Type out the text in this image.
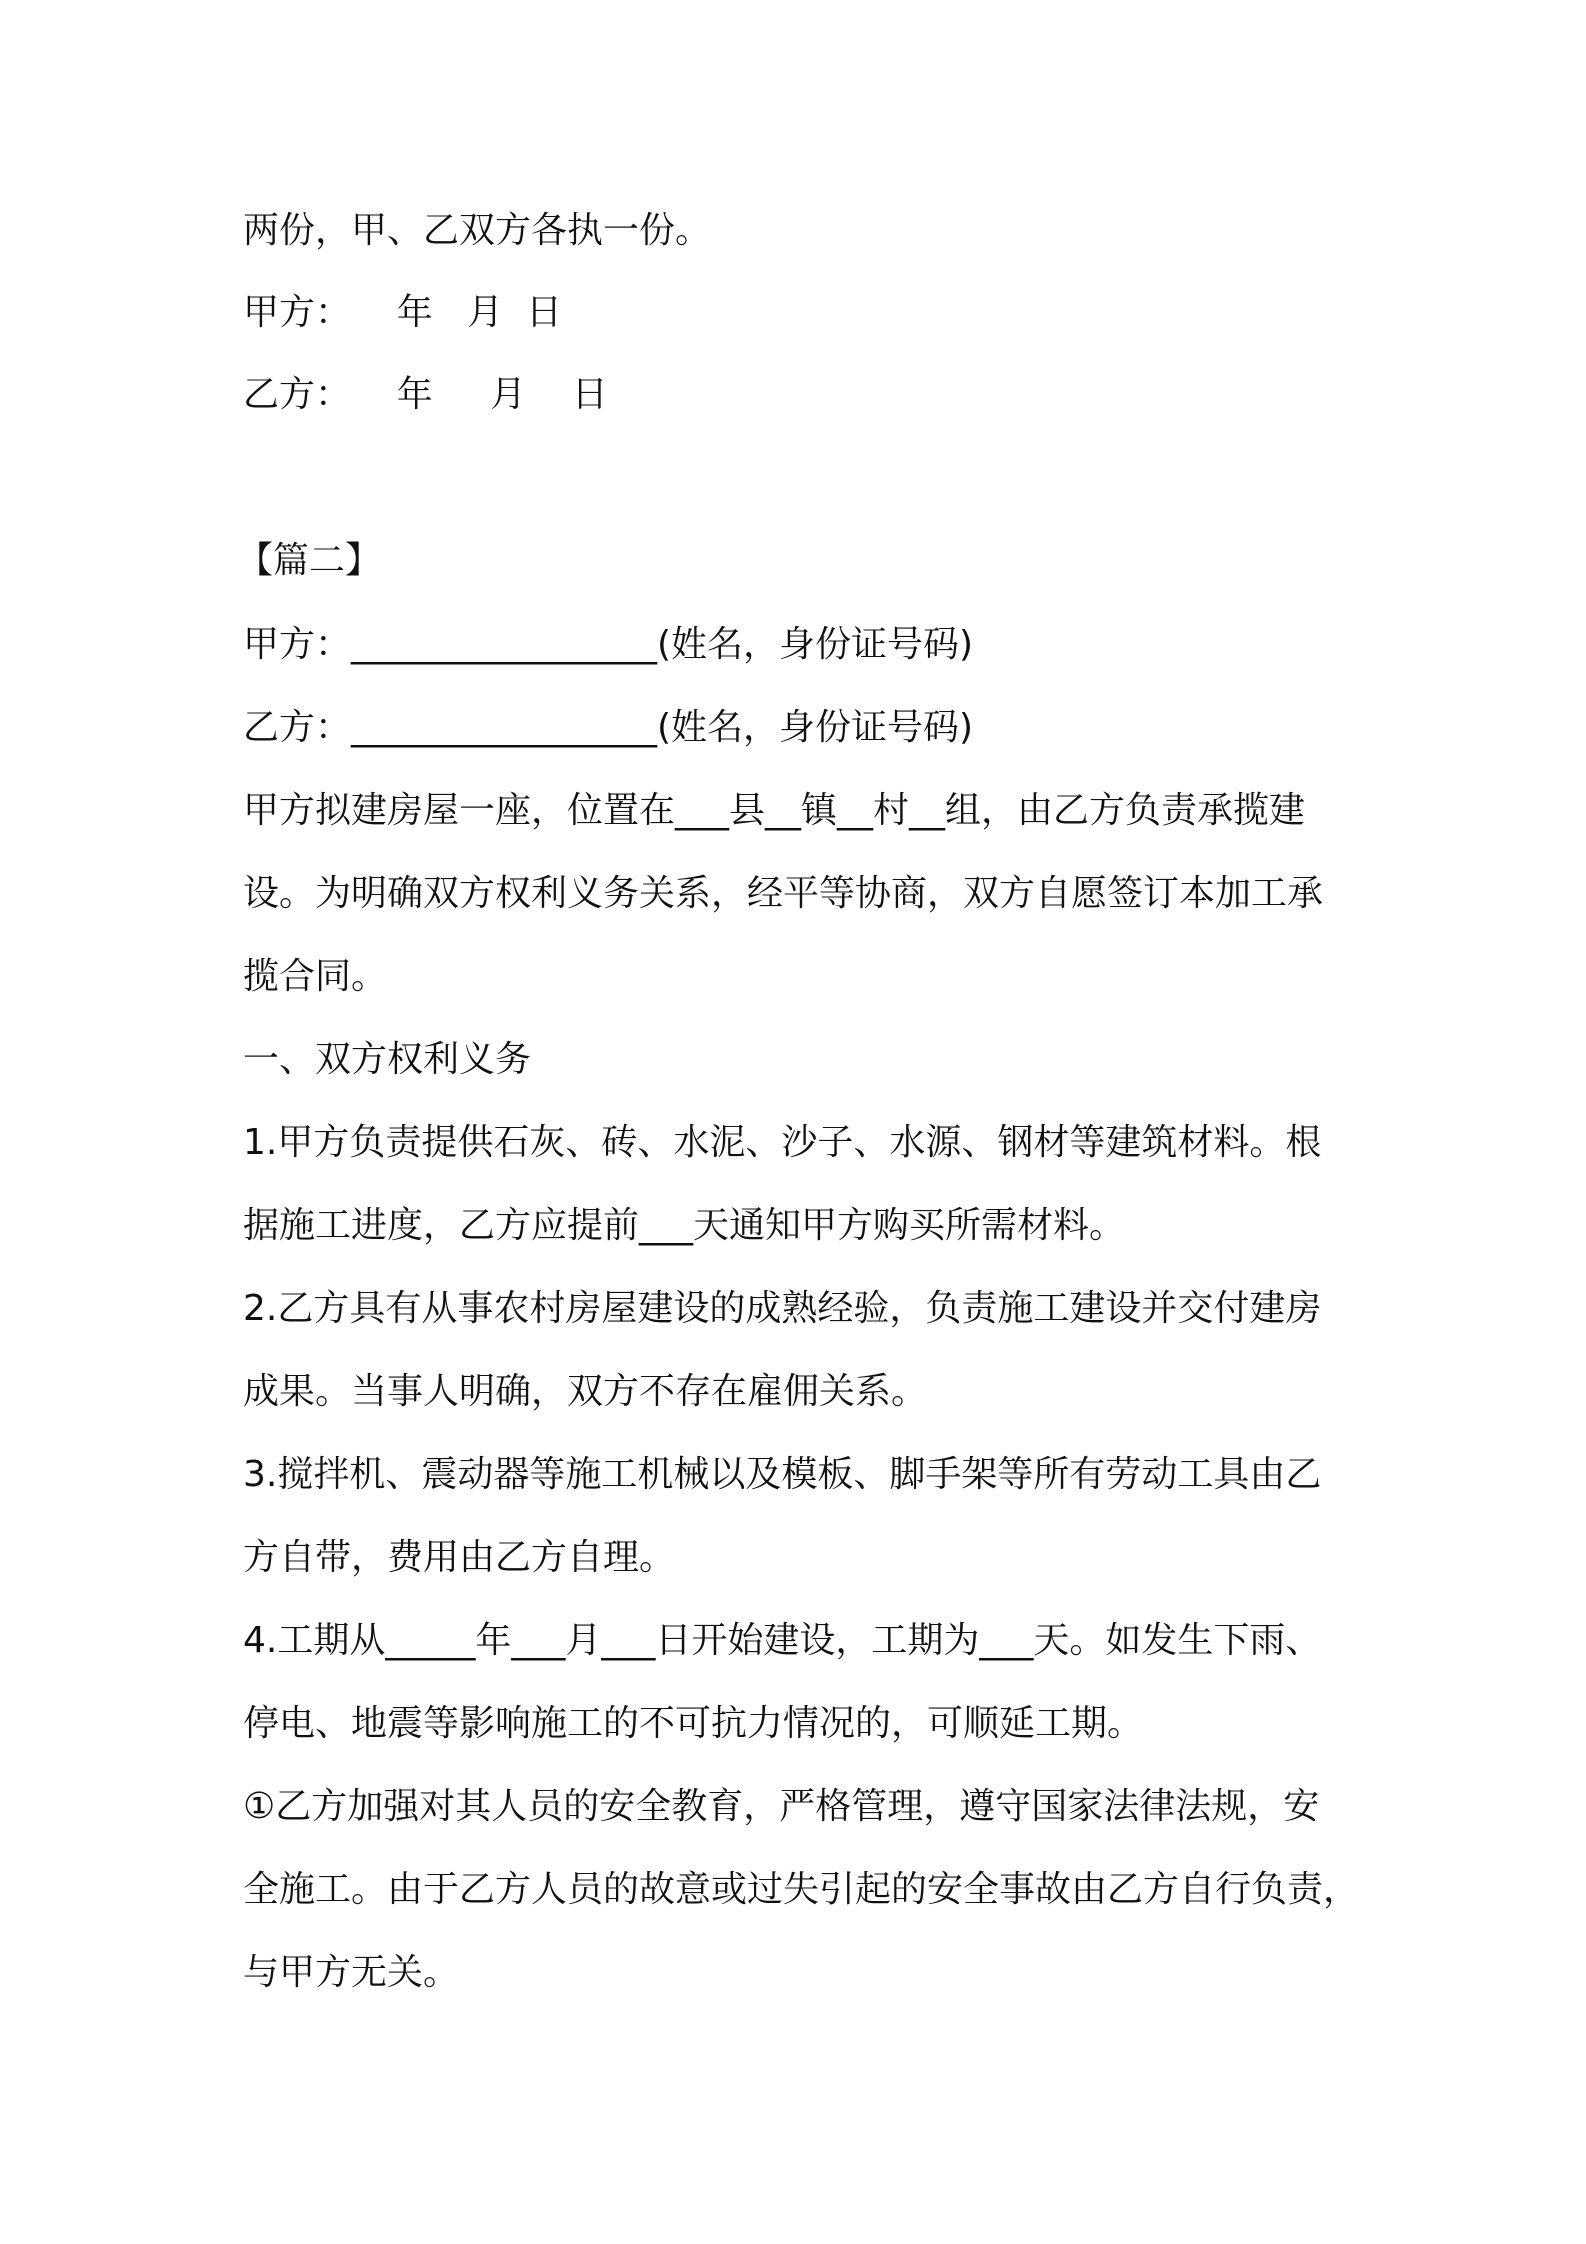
两份，甲、乙双方各执一份。

甲方：    年   月  日

乙方：    年     月    日

【篇二】

甲方：_________________(姓名，身份证号码)

乙方：_________________(姓名，身份证号码)

甲方拟建房屋一座，位置在___县__镇__村__组，由乙方负责承揽建

设。为明确双方权利义务关系，经平等协商，双方自愿签订本加工承

揽合同。

一、双方权利义务

1.甲方负责提供石灰、砖、水泥、沙子、水源、钢材等建筑材料。根

据施工进度，乙方应提前___天通知甲方购买所需材料。

2.乙方具有从事农村房屋建设的成熟经验，负责施工建设并交付建房

成果。当事人明确，双方不存在雇佣关系。

3.搅拌机、震动器等施工机械以及模板、脚手架等所有劳动工具由乙

方自带，费用由乙方自理。

4.工期从_____年___月___日开始建设，工期为___天。如发生下雨、

停电、地震等影响施工的不可抗力情况的，可顺延工期。

①乙方加强对其人员的安全教育，严格管理，遵守国家法律法规，安

全施工。由于乙方人员的故意或过失引起的安全事故由乙方自行负责，

与甲方无关。
